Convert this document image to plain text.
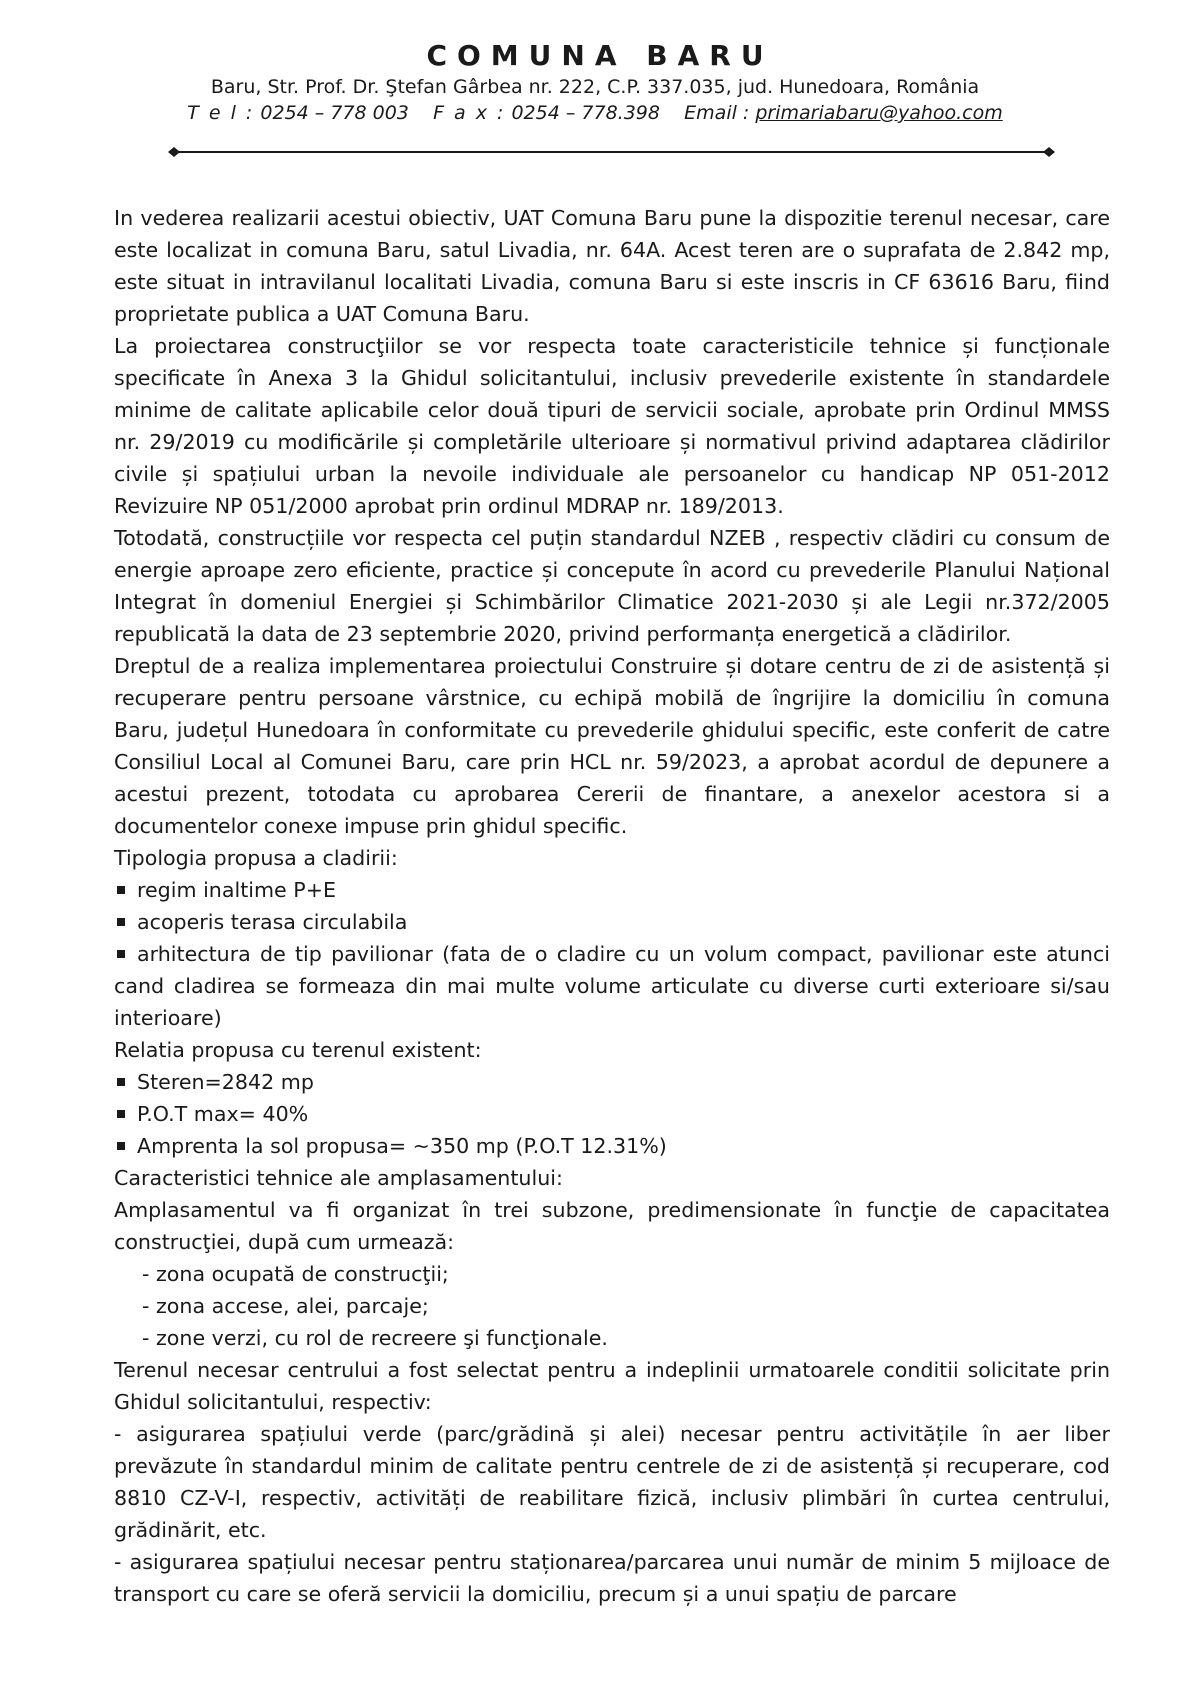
COMUNA BARU
Baru, Str. Prof. Dr. Ştefan Gârbea nr. 222, C.P. 337.035, jud. Hunedoara, România
T e l : 0254 – 778 003 F a x : 0254 – 778.398 Email : primariabaru@yahoo.com

In vederea realizarii acestui obiectiv, UAT Comuna Baru pune la dispozitie terenul necesar, care este localizat in comuna Baru, satul Livadia, nr. 64A. Acest teren are o suprafata de 2.842 mp, este situat in intravilanul localitati Livadia, comuna Baru si este inscris in CF 63616 Baru, fiind proprietate publica a UAT Comuna Baru.

La proiectarea construcţiilor se vor respecta toate caracteristicile tehnice și funcționale specificate în Anexa 3 la Ghidul solicitantului, inclusiv prevederile existente în standardele minime de calitate aplicabile celor două tipuri de servicii sociale, aprobate prin Ordinul MMSS nr. 29/2019 cu modificările și completările ulterioare și normativul privind adaptarea clădirilor civile și spațiului urban la nevoile individuale ale persoanelor cu handicap NP 051-2012 Revizuire NP 051/2000 aprobat prin ordinul MDRAP nr. 189/2013.

Totodată, construcțiile vor respecta cel puțin standardul NZEB , respectiv clădiri cu consum de energie aproape zero eficiente, practice și concepute în acord cu prevederile Planului Național Integrat în domeniul Energiei și Schimbărilor Climatice 2021-2030 și ale Legii nr.372/2005 republicată la data de 23 septembrie 2020, privind performanța energetică a clădirilor.

Dreptul de a realiza implementarea proiectului Construire și dotare centru de zi de asistență și recuperare pentru persoane vârstnice, cu echipă mobilă de îngrijire la domiciliu în comuna Baru, județul Hunedoara în conformitate cu prevederile ghidului specific, este conferit de catre Consiliul Local al Comunei Baru, care prin HCL nr. 59/2023, a aprobat acordul de depunere a acestui prezent, totodata cu aprobarea Cererii de finantare, a anexelor acestora si a documentelor conexe impuse prin ghidul specific.

Tipologia propusa a cladirii:

regim inaltime P+E

acoperis terasa circulabila

arhitectura de tip pavilionar (fata de o cladire cu un volum compact, pavilionar este atunci cand cladirea se formeaza din mai multe volume articulate cu diverse curti exterioare si/sau interioare)

Relatia propusa cu terenul existent:

Steren=2842 mp

P.O.T max= 40%

Amprenta la sol propusa= ~350 mp (P.O.T 12.31%)

Caracteristici tehnice ale amplasamentului:

Amplasamentul va fi organizat în trei subzone, predimensionate în funcţie de capacitatea construcţiei, după cum urmează:

- zona ocupată de construcţii;

- zona accese, alei, parcaje;

- zone verzi, cu rol de recreere şi funcţionale.

Terenul necesar centrului a fost selectat pentru a indeplinii urmatoarele conditii solicitate prin Ghidul solicitantului, respectiv:

- asigurarea spațiului verde (parc/grădină și alei) necesar pentru activitățile în aer liber prevăzute în standardul minim de calitate pentru centrele de zi de asistență și recuperare, cod 8810 CZ-V-I, respectiv, activități de reabilitare fizică, inclusiv plimbări în curtea centrului, grădinărit, etc.

- asigurarea spațiului necesar pentru staționarea/parcarea unui număr de minim 5 mijloace de transport cu care se oferă servicii la domiciliu, precum și a unui spațiu de parcare
